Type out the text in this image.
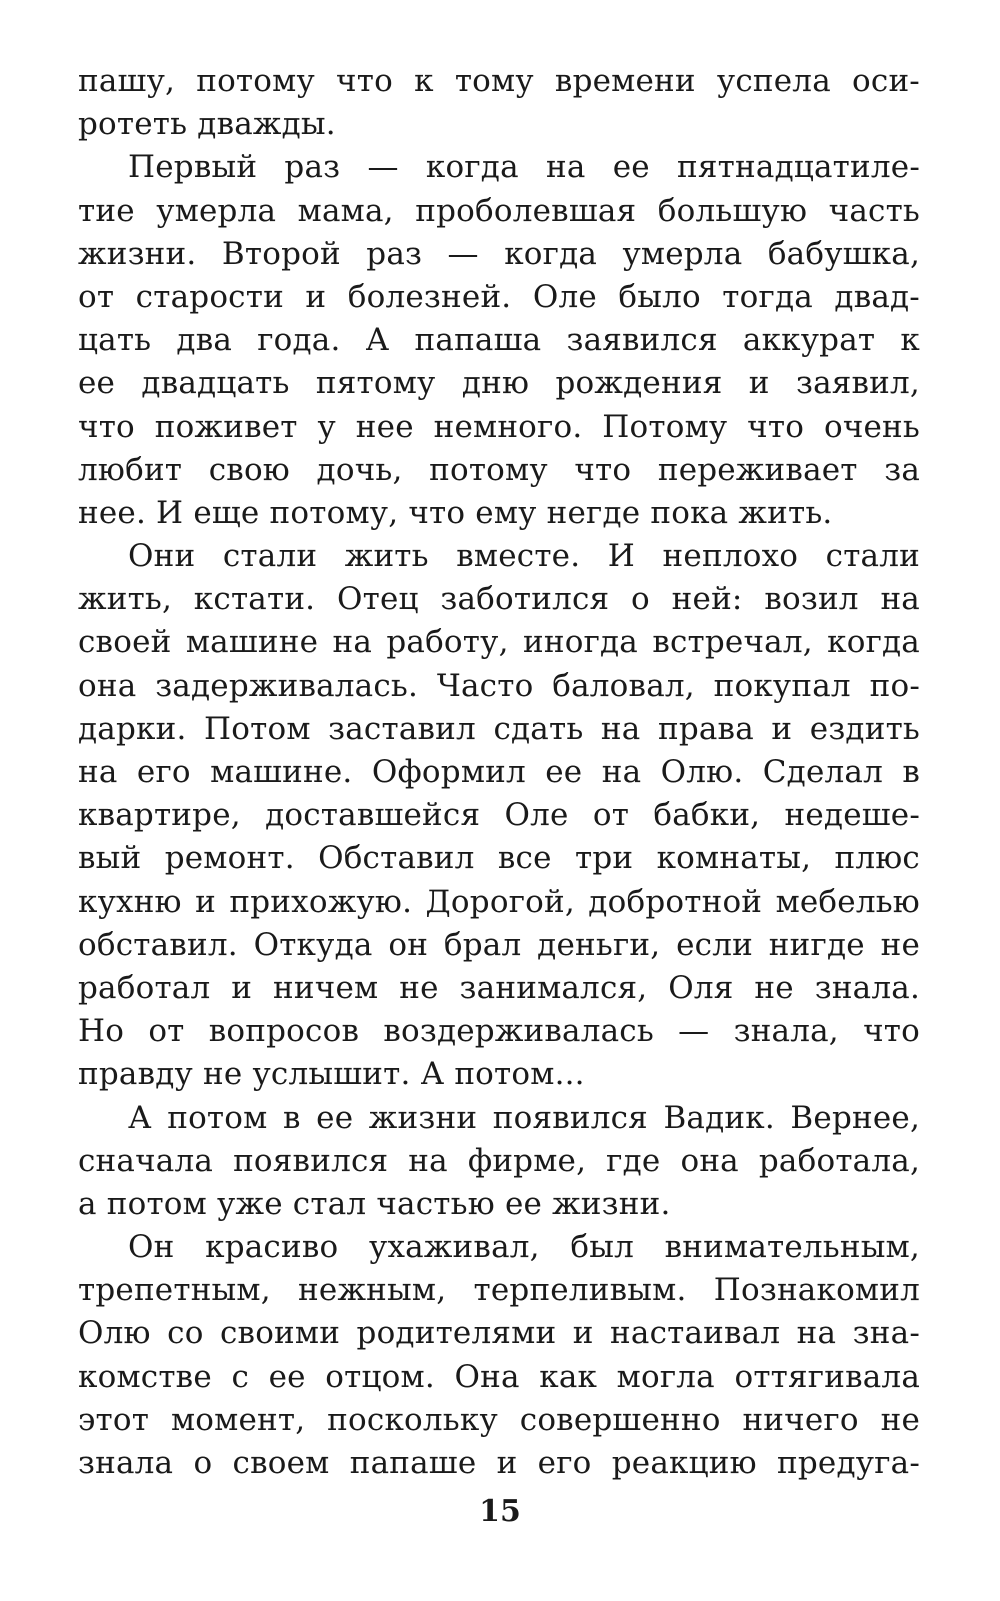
пашу, потому что к тому времени успела оси-
ротеть дважды.
Первый раз — когда на ее пятнадцатиле-
тие умерла мама, проболевшая большую часть
жизни. Второй раз — когда умерла бабушка,
от старости и болезней. Оле было тогда двад-
цать два года. А папаша заявился аккурат к
ее двадцать пятому дню рождения и заявил,
что поживет у нее немного. Потому что очень
любит свою дочь, потому что переживает за
нее. И еще потому, что ему негде пока жить.
Они стали жить вместе. И неплохо стали
жить, кстати. Отец заботился о ней: возил на
своей машине на работу, иногда встречал, когда
она задерживалась. Часто баловал, покупал по-
дарки. Потом заставил сдать на права и ездить
на его машине. Оформил ее на Олю. Сделал в
квартире, доставшейся Оле от бабки, недеше-
вый ремонт. Обставил все три комнаты, плюс
кухню и прихожую. Дорогой, добротной мебелью
обставил. Откуда он брал деньги, если нигде не
работал и ничем не занимался, Оля не знала.
Но от вопросов воздерживалась — знала, что
правду не услышит. А потом...
А потом в ее жизни появился Вадик. Вернее,
сначала появился на фирме, где она работала,
а потом уже стал частью ее жизни.
Он красиво ухаживал, был внимательным,
трепетным, нежным, терпеливым. Познакомил
Олю со своими родителями и настаивал на зна-
комстве с ее отцом. Она как могла оттягивала
этот момент, поскольку совершенно ничего не
знала о своем папаше и его реакцию предуга-
15
